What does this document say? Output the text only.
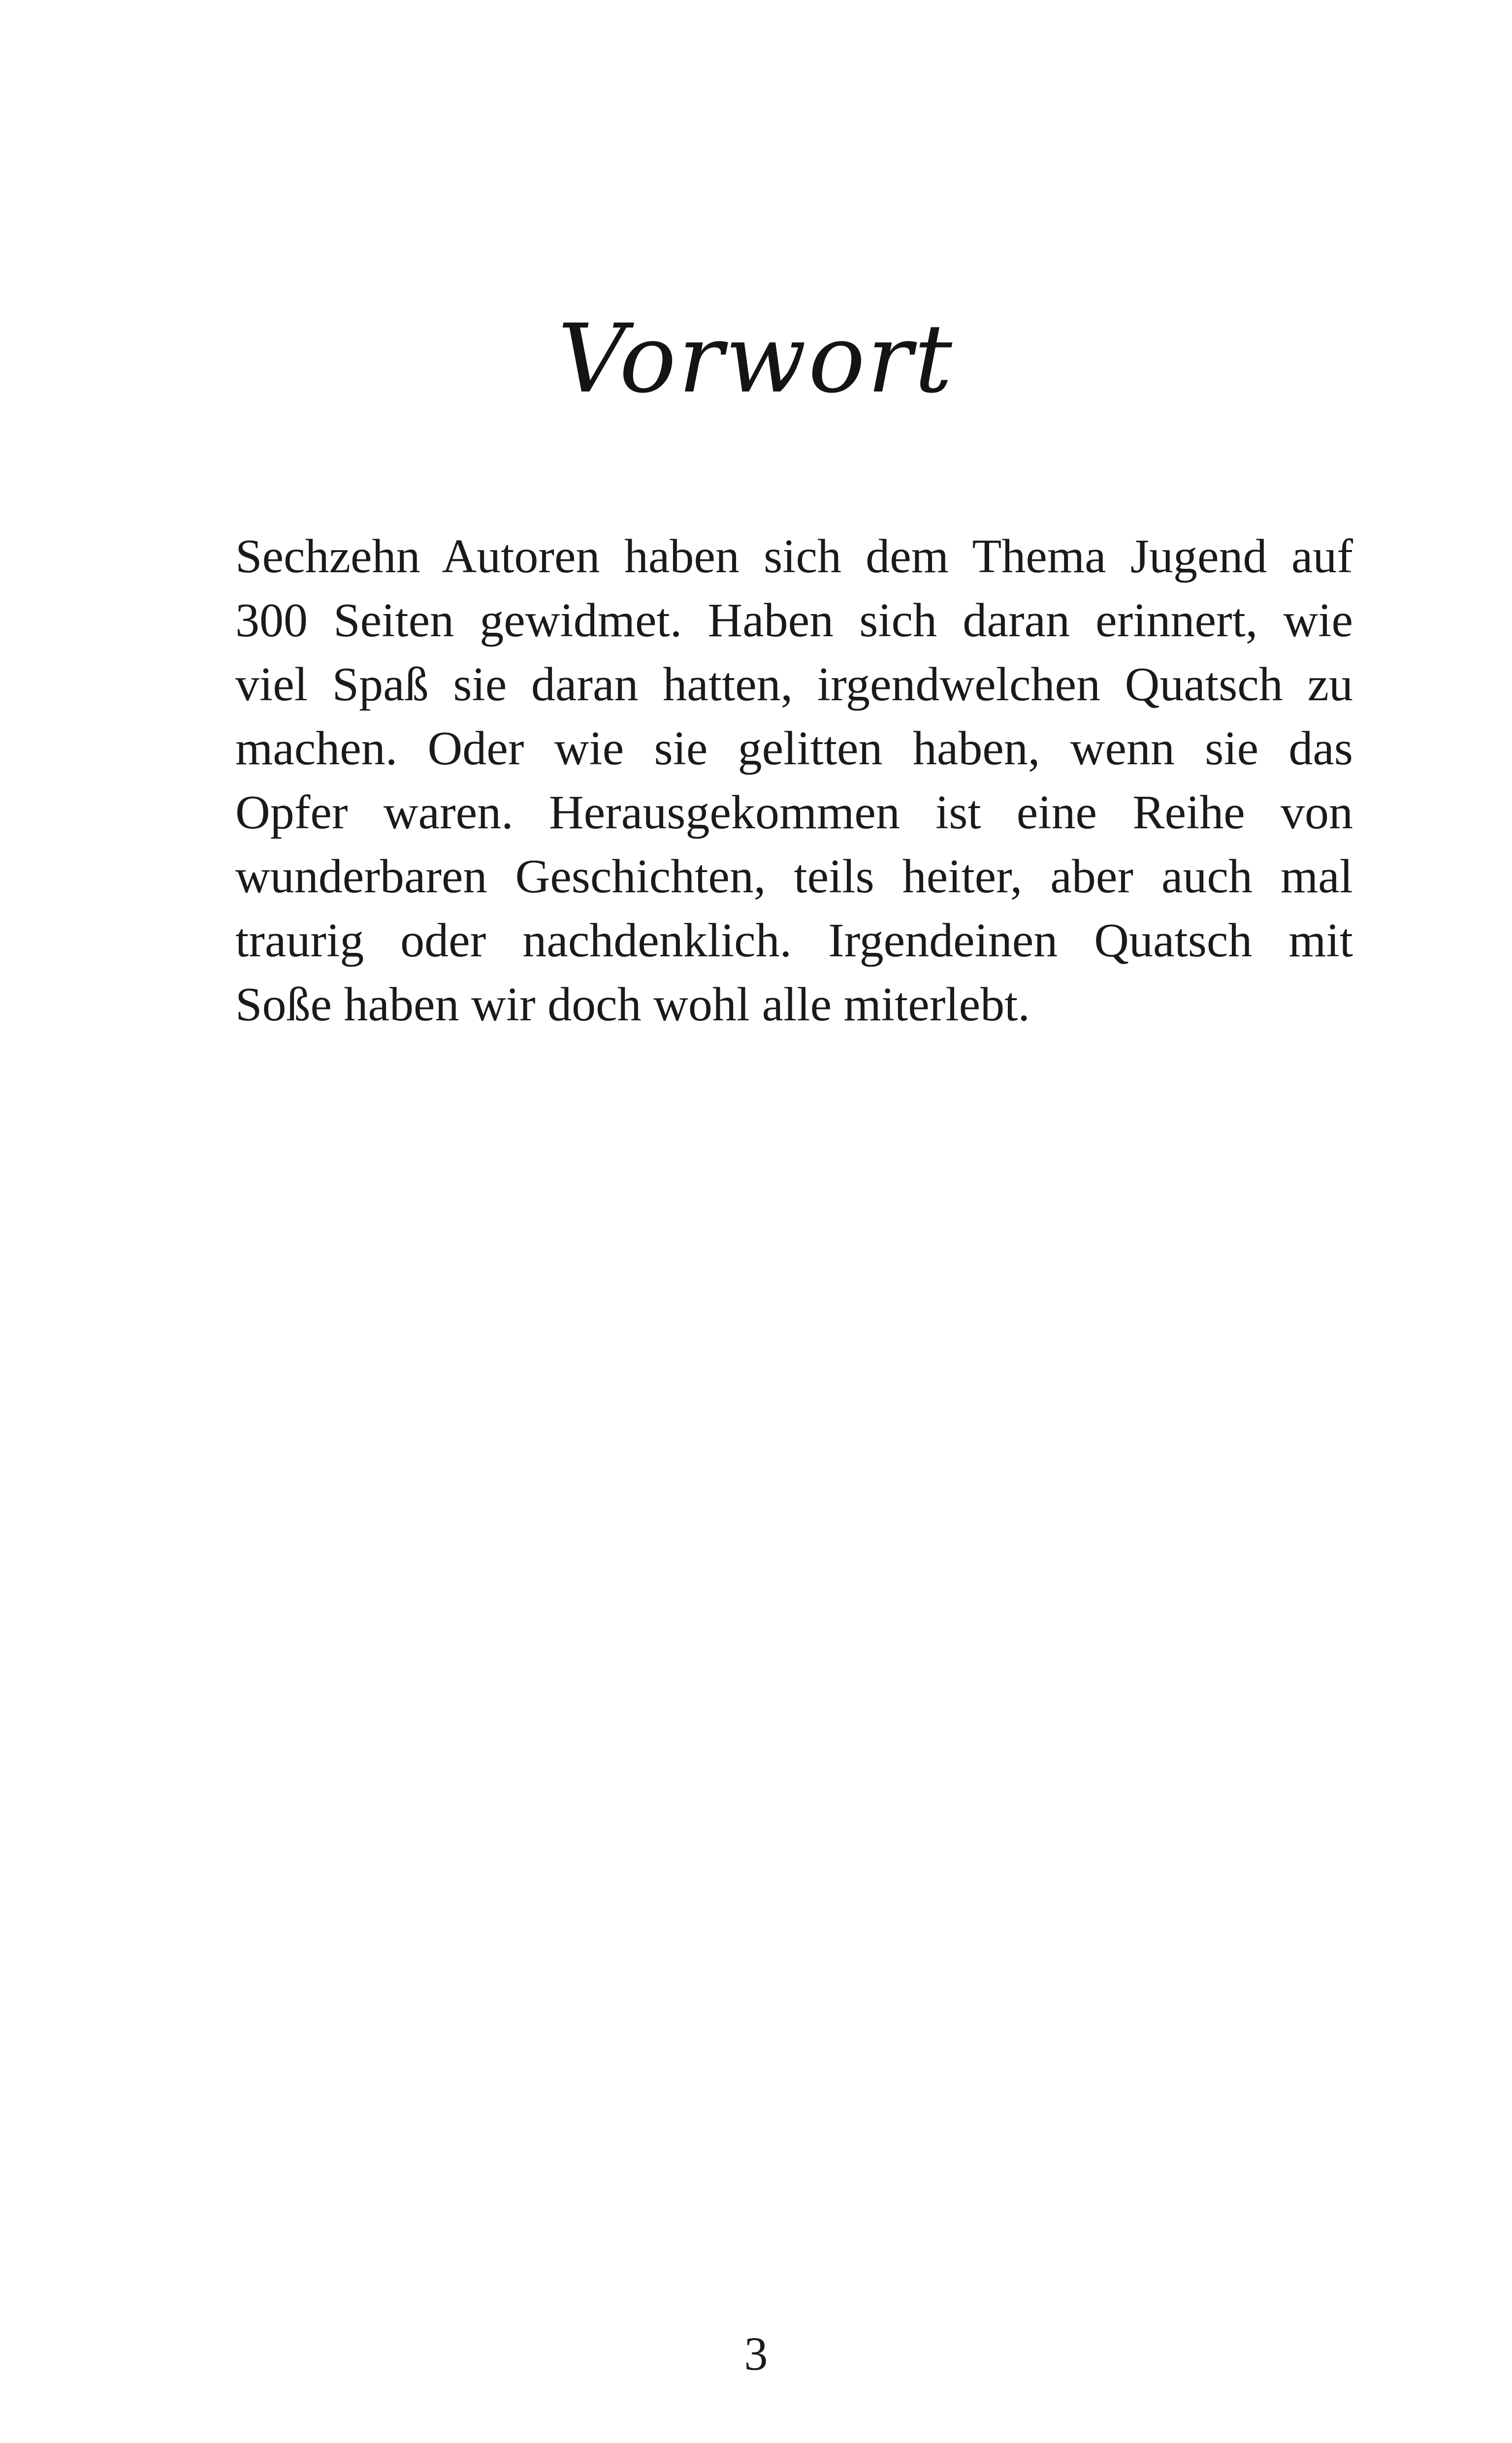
Vorwort
Sechzehn Autoren haben sich dem Thema Jugend auf
300 Seiten gewidmet. Haben sich daran erinnert, wie
viel Spaß sie daran hatten, irgendwelchen Quatsch zu
machen. Oder wie sie gelitten haben, wenn sie das
Opfer waren. Herausgekommen ist eine Reihe von
wunderbaren Geschichten, teils heiter, aber auch mal
traurig oder nachdenklich. Irgendeinen Quatsch mit
Soße haben wir doch wohl alle miterlebt.
3
